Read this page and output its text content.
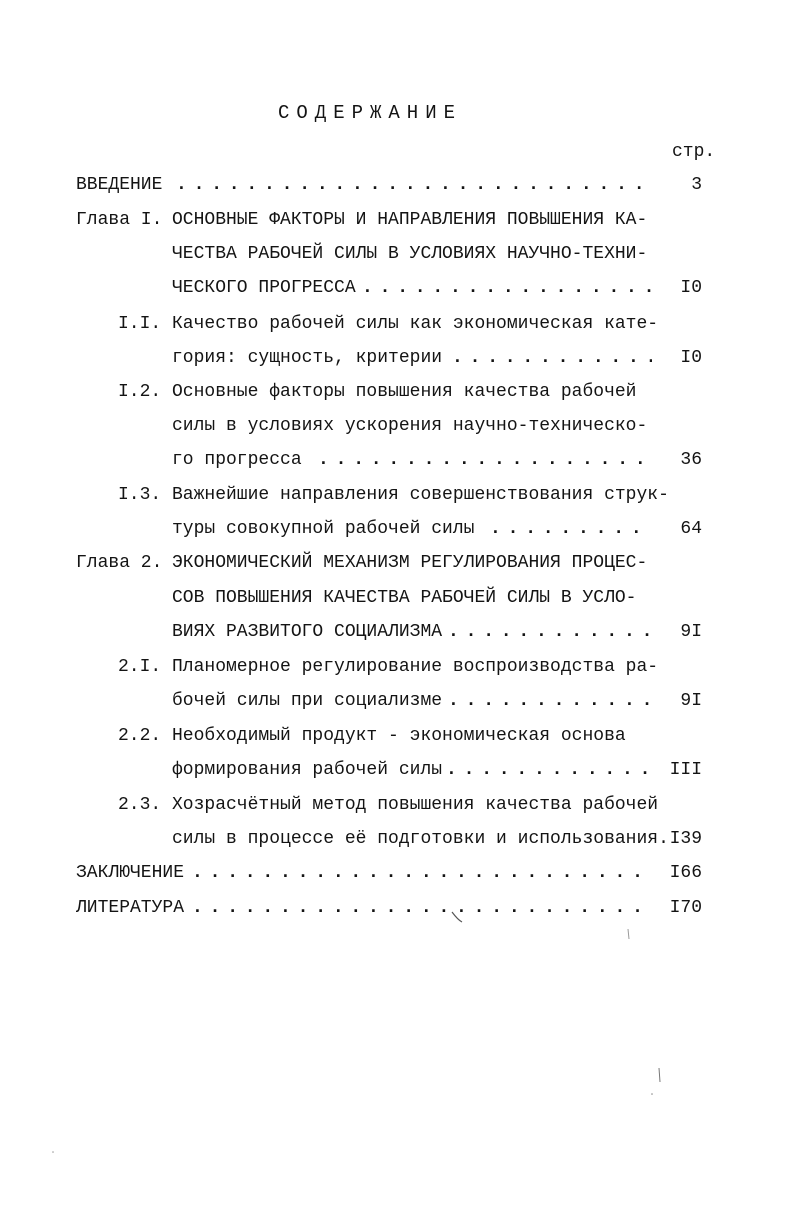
СОДЕРЖАНИЕ
стр.
ВВЕДЕНИЕ . . .	3
Глава I. ОСНОВНЫЕ ФАКТОРЫ И НАПРАВЛЕНИЯ ПОВЫШЕНИЯ КА-
ЧЕСТВА РАБОЧЕЙ СИЛЫ В УСЛОВИЯХ НАУЧНО-ТЕХНИ-
ЧЕСКОГО ПРОГРЕССА . . .	I0
I.I. Качество рабочей силы как экономическая кате-
гория: сущность, критерии . . .	I0
I.2. Основные факторы повышения качества рабочей
силы в условиях ускорения научно-техническо-
го прогресса . . .	36
I.3. Важнейшие направления совершенствования струк-
туры совокупной рабочей силы . . .	64
Глава 2. ЭКОНОМИЧЕСКИЙ МЕХАНИЗМ РЕГУЛИРОВАНИЯ ПРОЦЕС-
СОВ ПОВЫШЕНИЯ КАЧЕСТВА РАБОЧЕЙ СИЛЫ В УСЛО-
ВИЯХ РАЗВИТОГО СОЦИАЛИЗМА . . .	9I
2.I. Планомерное регулирование воспроизводства ра-
бочей силы при социализме . . .	9I
2.2. Необходимый продукт - экономическая основа
формирования рабочей силы . . .	III
2.3. Хозрасчётный метод повышения качества рабочей
силы в процессе её подготовки и использования. I39
ЗАКЛЮЧЕНИЕ . . .	I66
ЛИТЕРАТУРА . . .	I70
